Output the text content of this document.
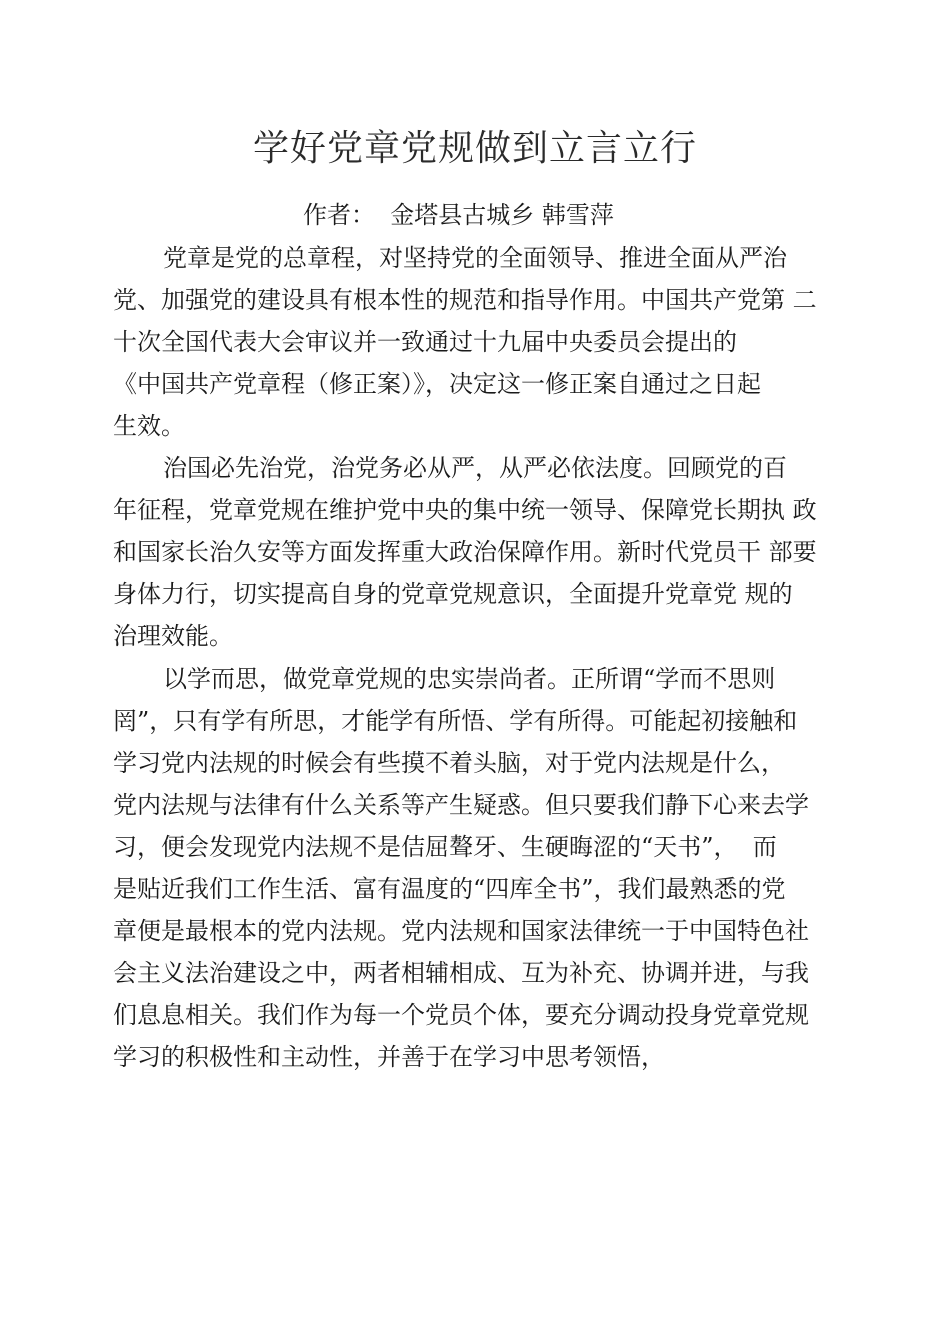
学好党章党规做到立言立行
作者：  金塔县古城乡 韩雪萍
党章是党的总章程，对坚持党的全面领导、推进全面从严治
党、加强党的建设具有根本性的规范和指导作用。中国共产党第 二
十次全国代表大会审议并一致通过十九届中央委员会提出的
《中国共产党章程（修正案）》，决定这一修正案自通过之日起
生效。
治国必先治党，治党务必从严，从严必依法度。回顾党的百
年征程，党章党规在维护党中央的集中统一领导、保障党长期执 政
和国家长治久安等方面发挥重大政治保障作用。新时代党员干 部要
身体力行，切实提高自身的党章党规意识，全面提升党章党 规的
治理效能。
以学而思，做党章党规的忠实崇尚者。正所谓“学而不思则
罔”，只有学有所思，才能学有所悟、学有所得。可能起初接触和
学习党内法规的时候会有些摸不着头脑，对于党内法规是什么，
党内法规与法律有什么关系等产生疑惑。但只要我们静下心来去学
习，便会发现党内法规不是佶屈聱牙、生硬晦涩的“天书”，  而
是贴近我们工作生活、富有温度的“四库全书”，我们最熟悉的党
章便是最根本的党内法规。党内法规和国家法律统一于中国特色社
会主义法治建设之中，两者相辅相成、互为补充、协调并进，与我
们息息相关。我们作为每一个党员个体，要充分调动投身党章党规
学习的积极性和主动性，并善于在学习中思考领悟，
